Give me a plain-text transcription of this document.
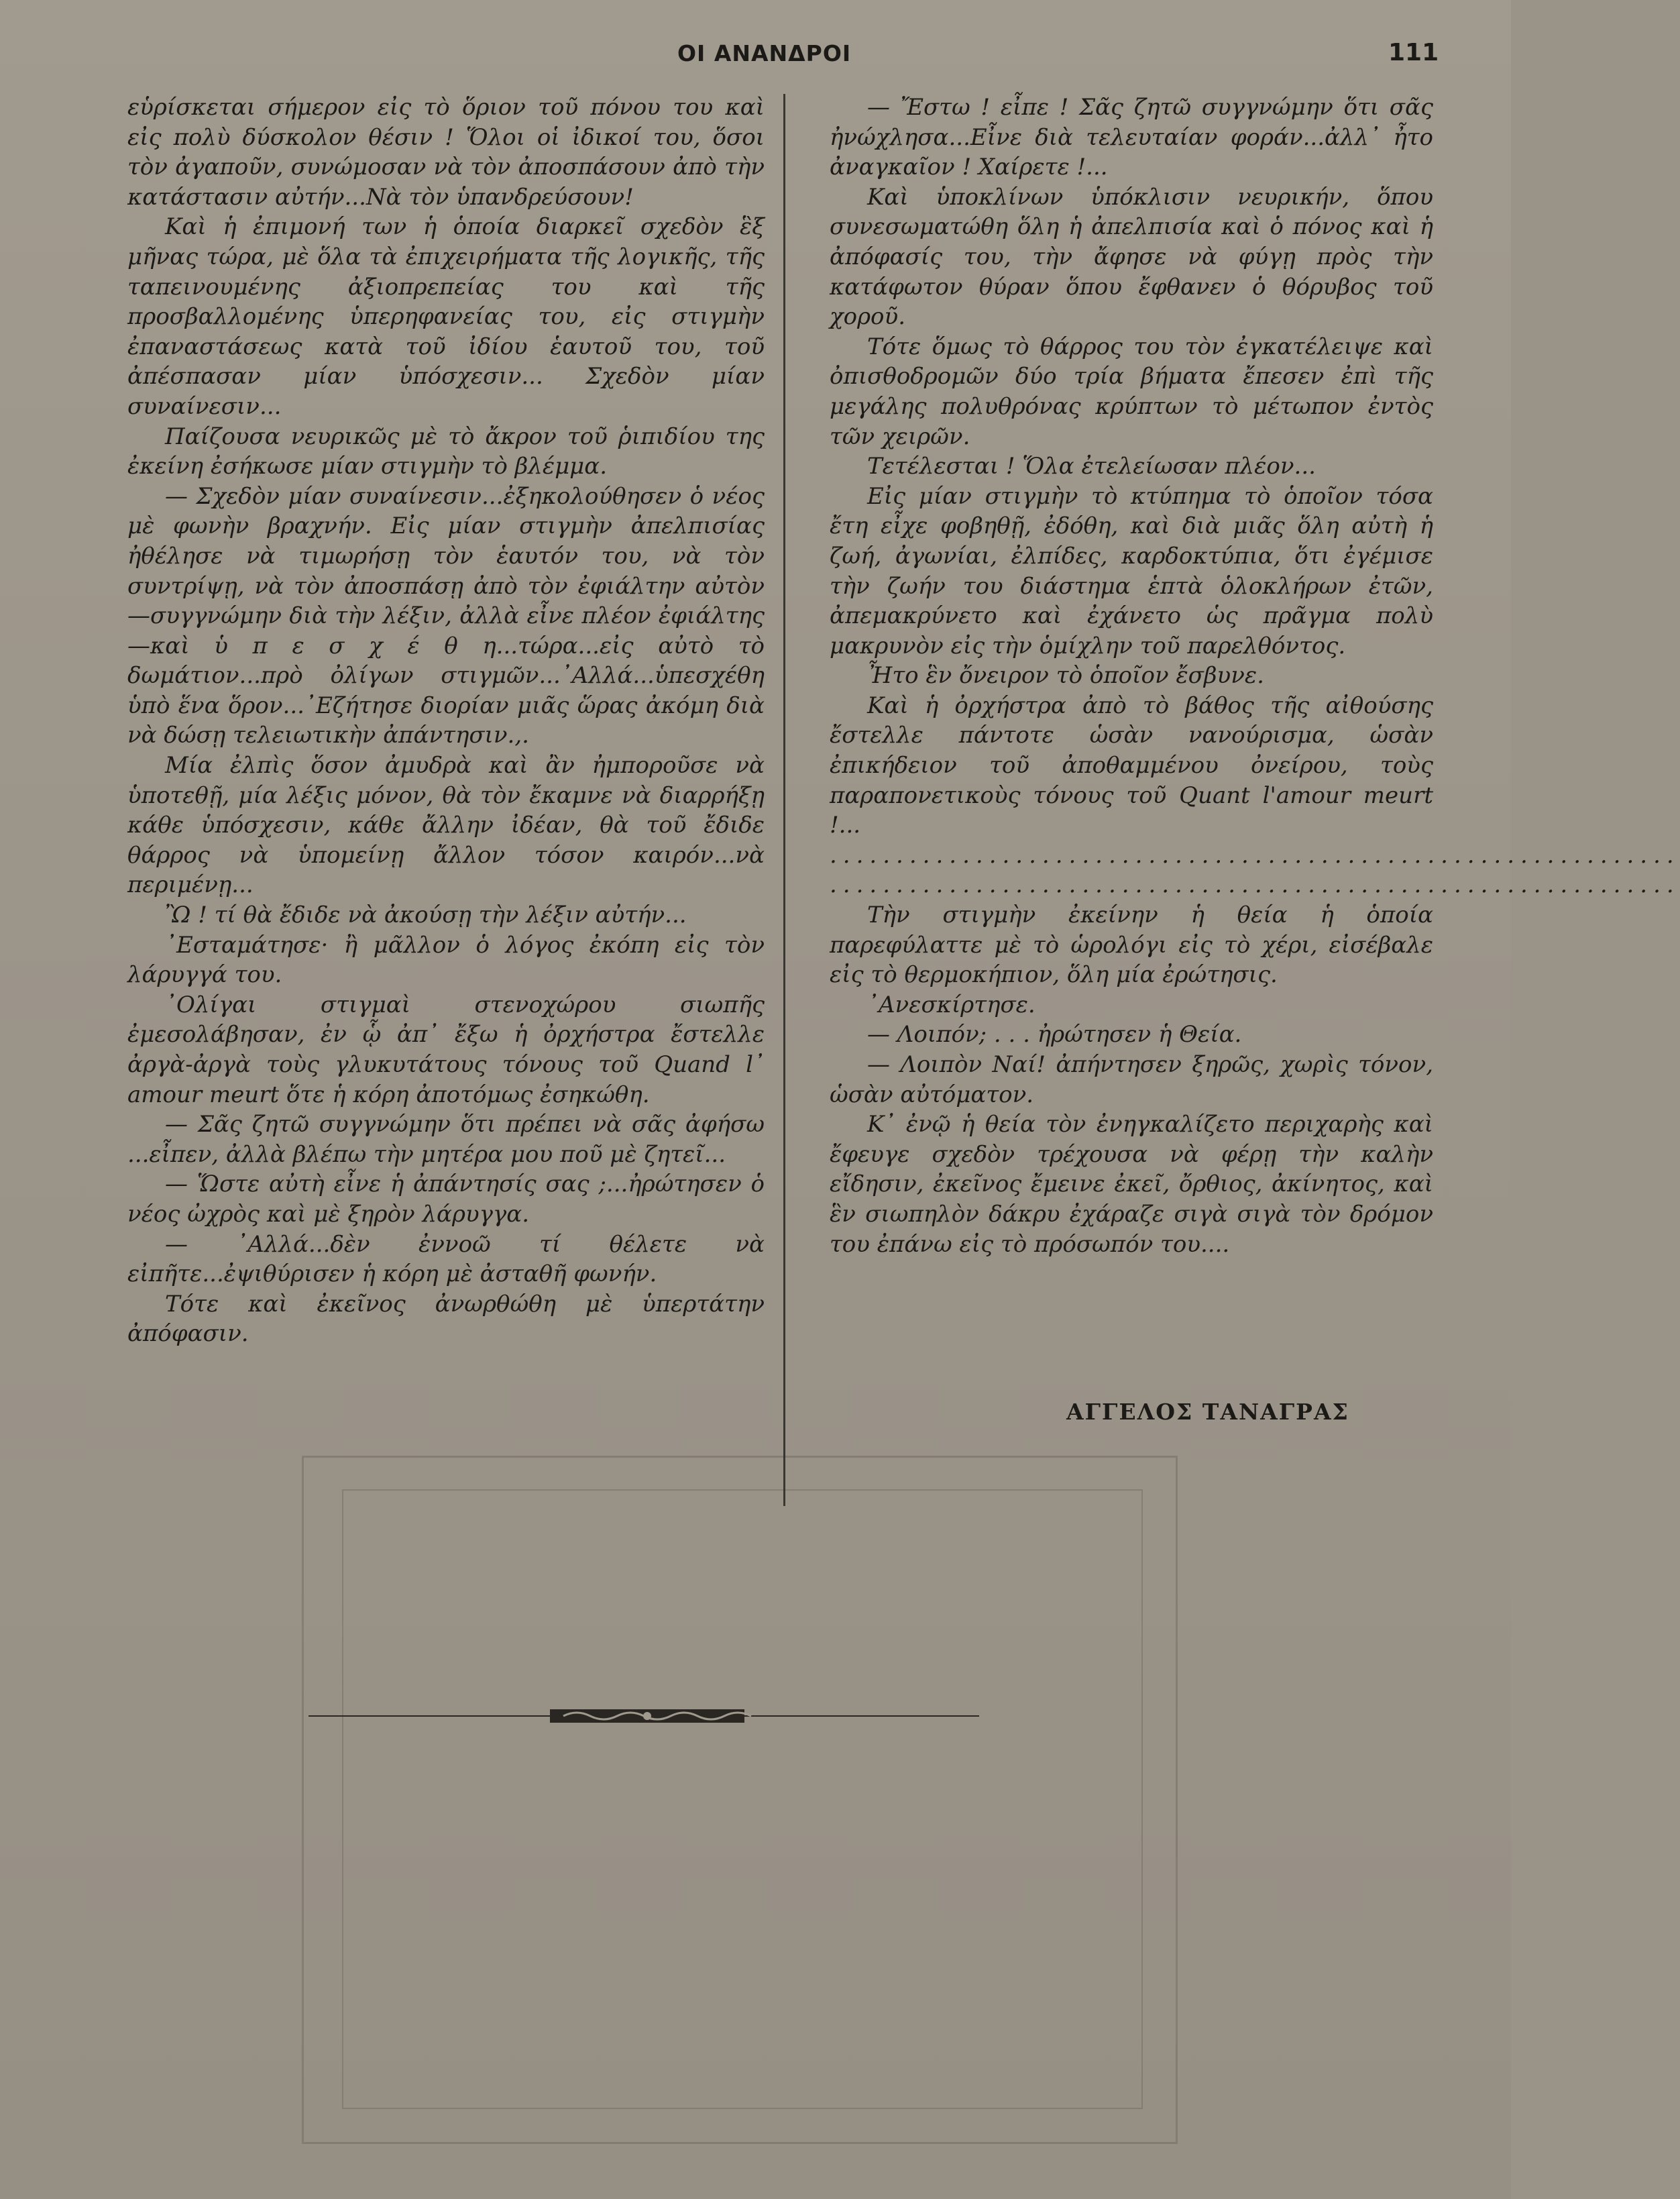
ΟΙ ΑΝΑΝΔΡΟΙ	111

εὑρίσκεται σήμερον εἰς τὸ ὅριον τοῦ πόνου του καὶ εἰς πολὺ δύσκολον θέσιν ! Ὅλοι οἱ ἰδικοί του, ὅσοι τὸν ἀγαποῦν, συνώμοσαν νὰ τὸν ἀποσπάσουν ἀπὸ τὴν κατάστασιν αὐτήν...Νὰ τὸν ὑπανδρεύσουν!

Καὶ ἡ ἐπιμονή των ἡ ὁποία διαρκεῖ σχεδὸν ἓξ μῆνας τώρα, μὲ ὅλα τὰ ἐπιχειρήματα τῆς λογικῆς, τῆς ταπεινουμένης ἀξιοπρεπείας του καὶ τῆς προσβαλλομένης ὑπερηφανείας του, εἰς στιγμὴν ἐπαναστάσεως κατὰ τοῦ ἰδίου ἑαυτοῦ του, τοῦ ἀπέσπασαν μίαν ὑπόσχεσιν... Σχεδὸν μίαν συναίνεσιν...

Παίζουσα νευρικῶς μὲ τὸ ἄκρον τοῦ ῥιπιδίου της ἐκείνη ἐσήκωσε μίαν στιγμὴν τὸ βλέμμα.

— Σχεδὸν μίαν συναίνεσιν...ἐξηκολούθησεν ὁ νέος μὲ φωνὴν βραχνήν. Εἰς μίαν στιγμὴν ἀπελπισίας ἠθέλησε νὰ τιμωρήσῃ τὸν ἑαυτόν του, νὰ τὸν συντρίψῃ, νὰ τὸν ἀποσπάσῃ ἀπὸ τὸν ἐφιάλτην αὐτὸν—συγγνώμην διὰ τὴν λέξιν, ἀλλὰ εἶνε πλέον ἐφιάλτης—καὶ ὑ π ε σ χ έ θ η...τώρα...εἰς αὐτὸ τὸ δωμάτιον...πρὸ ὀλίγων στιγμῶν...᾽Αλλά...ὑπεσχέθη ὑπὸ ἕνα ὅρον...᾽Εζήτησε διορίαν μιᾶς ὥρας ἀκόμη διὰ νὰ δώσῃ τελειωτικὴν ἀπάντησιν.,.

Μία ἐλπὶς ὅσον ἀμυδρὰ καὶ ἂν ἠμποροῦσε νὰ ὑποτεθῇ, μία λέξις μόνον, θὰ τὸν ἔκαμνε νὰ διαρρήξῃ κάθε ὑπόσχεσιν, κάθε ἄλλην ἰδέαν, θὰ τοῦ ἔδιδε θάρρος νὰ ὑπομείνῃ ἄλλον τόσον καιρόν...νὰ περιμένῃ...

Ὢ ! τί θὰ ἔδιδε νὰ ἀκούσῃ τὴν λέξιν αὐτήν...

᾽Εσταμάτησε· ἢ μᾶλλον ὁ λόγος ἐκόπη εἰς τὸν λάρυγγά του.

᾽Ολίγαι στιγμαὶ στενοχώρου σιωπῆς ἐμεσολάβησαν, ἐν ᾧ ἀπ᾽ ἔξω ἡ ὀρχήστρα ἔστελλε ἀργὰ-ἀργὰ τοὺς γλυκυτάτους τόνους τοῦ Quand l᾽ amour meurt ὅτε ἡ κόρη ἀποτόμως ἐσηκώθη.

— Σᾶς ζητῶ συγγνώμην ὅτι πρέπει νὰ σᾶς ἀφήσω ...εἶπεν, ἀλλὰ βλέπω τὴν μητέρα μου ποῦ μὲ ζητεῖ...

— Ὥστε αὐτὴ εἶνε ἡ ἀπάντησίς σας ;...ἠρώτησεν ὁ νέος ὠχρὸς καὶ μὲ ξηρὸν λάρυγγα.

— ᾽Αλλά...δὲν ἐννοῶ τί θέλετε νὰ εἰπῆτε...ἐψιθύρισεν ἡ κόρη μὲ ἀσταθῆ φωνήν.

Τότε καὶ ἐκεῖνος ἀνωρθώθη μὲ ὑπερτάτην ἀπόφασιν.

— Ἔστω ! εἶπε ! Σᾶς ζητῶ συγγνώμην ὅτι σᾶς ἠνώχλησα...Εἶνε διὰ τελευταίαν φοράν...ἀλλ᾽ ἦτο ἀναγκαῖον ! Χαίρετε !...

Καὶ ὑποκλίνων ὑπόκλισιν νευρικήν, ὅπου συνεσωματώθη ὅλη ἡ ἀπελπισία καὶ ὁ πόνος καὶ ἡ ἀπόφασίς του, τὴν ἄφησε νὰ φύγῃ πρὸς τὴν κατάφωτον θύραν ὅπου ἔφθανεν ὁ θόρυβος τοῦ χοροῦ.

Τότε ὅμως τὸ θάρρος του τὸν ἐγκατέλειψε καὶ ὀπισθοδρομῶν δύο τρία βήματα ἔπεσεν ἐπὶ τῆς μεγάλης πολυθρόνας κρύπτων τὸ μέτωπον ἐντὸς τῶν χειρῶν.

Τετέλεσται ! Ὅλα ἐτελείωσαν πλέον...

Εἰς μίαν στιγμὴν τὸ κτύπημα τὸ ὁποῖον τόσα ἔτη εἶχε φοβηθῇ, ἐδόθη, καὶ διὰ μιᾶς ὅλη αὐτὴ ἡ ζωή, ἀγωνίαι, ἐλπίδες, καρδοκτύπια, ὅτι ἐγέμισε τὴν ζωήν του διάστημα ἑπτὰ ὁλοκλήρων ἐτῶν, ἀπεμακρύνετο καὶ ἐχάνετο ὡς πρᾶγμα πολὺ μακρυνὸν εἰς τὴν ὁμίχλην τοῦ παρελθόντος.

Ἦτο ἓν ὄνειρον τὸ ὁποῖον ἔσβυνε.

Καὶ ἡ ὀρχήστρα ἀπὸ τὸ βάθος τῆς αἰθούσης ἔστελλε πάντοτε ὡσὰν νανούρισμα, ὡσὰν ἐπικήδειον τοῦ ἀποθαμμένου ὀνείρου, τοὺς παραπονετικοὺς τόνους τοῦ Quant l'amour meurt !...

................................................................

................................................................

Τὴν στιγμὴν ἐκείνην ἡ θεία ἡ ὁποία παρεφύλαττε μὲ τὸ ὡρολόγι εἰς τὸ χέρι, εἰσέβαλε εἰς τὸ θερμοκήπιον, ὅλη μία ἐρώτησις.

᾽Ανεσκίρτησε.

— Λοιπόν; . . . ἠρώτησεν ἡ Θεία.

— Λοιπὸν Ναί! ἀπήντησεν ξηρῶς, χωρὶς τόνον, ὡσὰν αὐτόματον.

Κ᾽ ἐνῷ ἡ θεία τὸν ἐνηγκαλίζετο περιχαρὴς καὶ ἔφευγε σχεδὸν τρέχουσα νὰ φέρῃ τὴν καλὴν εἴδησιν, ἐκεῖνος ἔμεινε ἐκεῖ, ὄρθιος, ἀκίνητος, καὶ ἓν σιωπηλὸν δάκρυ ἐχάραζε σιγὰ σιγὰ τὸν δρόμον του ἐπάνω εἰς τὸ πρόσωπόν του....

ΑΓΓΕΛΟΣ ΤΑΝΑΓΡΑΣ
